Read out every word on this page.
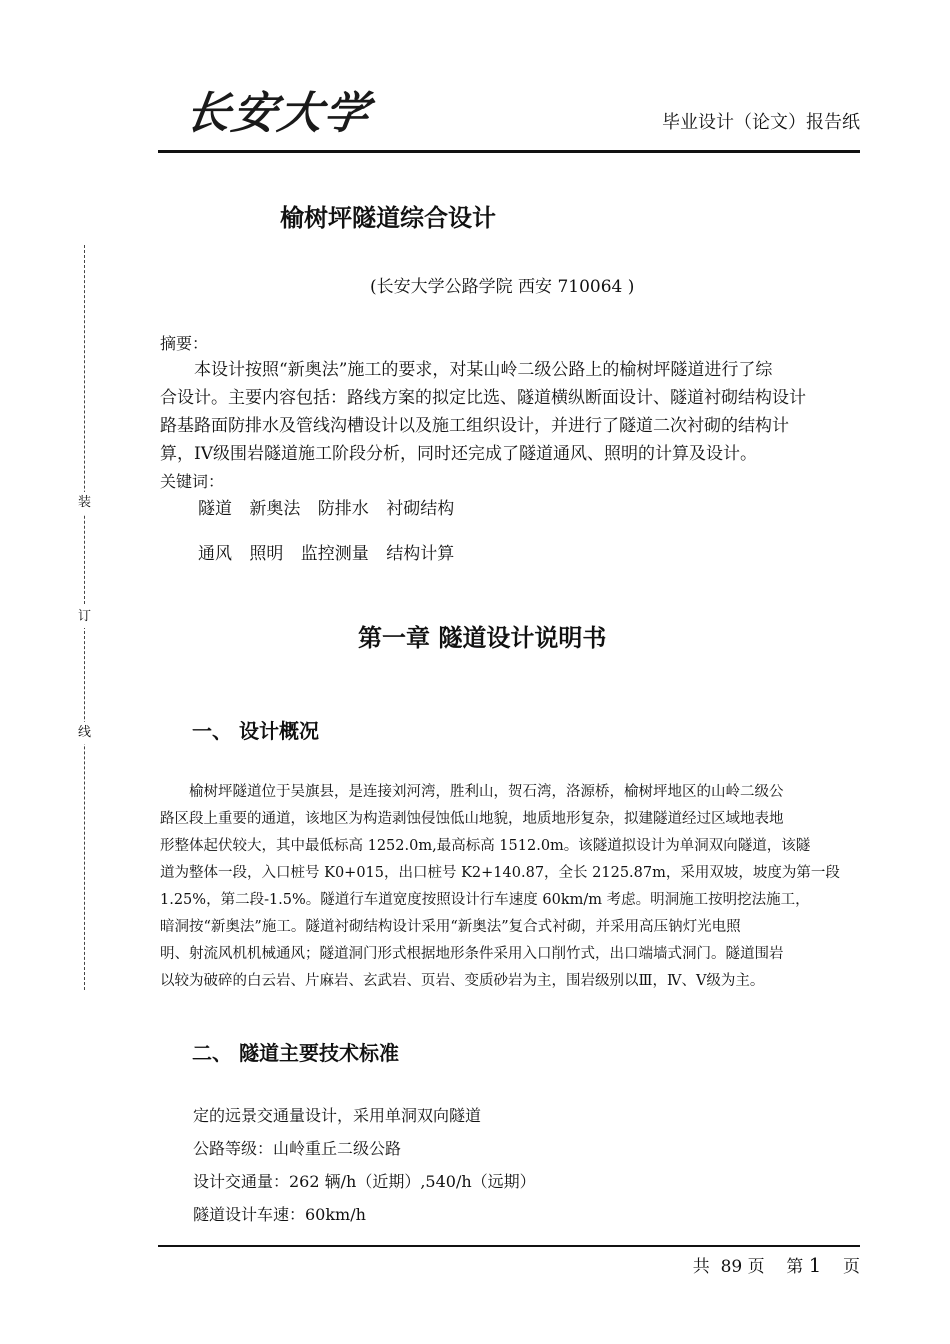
长安大学	毕业设计（论文）报告纸
装
订
线
榆树坪隧道综合设计
(长安大学公路学院 西安 710064 )
摘要：
　　本设计按照“新奥法”施工的要求，对某山岭二级公路上的榆树坪隧道进行了综
合设计。主要内容包括：路线方案的拟定比选、隧道横纵断面设计、隧道衬砌结构设计
路基路面防排水及管线沟槽设计以及施工组织设计，并进行了隧道二次衬砌的结构计
算，IV级围岩隧道施工阶段分析，同时还完成了隧道通风、照明的计算及设计。
关键词：
隧道 新奥法 防排水 衬砌结构
通风 照明 监控测量 结构计算
第一章 隧道设计说明书
一、 设计概况
　　榆树坪隧道位于吴旗县，是连接刘河湾，胜利山，贺石湾，洛源桥，榆树坪地区的山岭二级公
路区段上重要的通道，该地区为构造剥蚀侵蚀低山地貌，地质地形复杂，拟建隧道经过区域地表地
形整体起伏较大，其中最低标高 1252.0m,最高标高 1512.0m。该隧道拟设计为单洞双向隧道，该隧
道为整体一段，入口桩号 K0+015，出口桩号 K2+140.87，全长 2125.87m，采用双坡，坡度为第一段
1.25%，第二段-1.5%。隧道行车道宽度按照设计行车速度 60km/m 考虑。明洞施工按明挖法施工，
暗洞按“新奥法”施工。隧道衬砌结构设计采用“新奥法”复合式衬砌，并采用高压钠灯光电照
明、射流风机机械通风；隧道洞门形式根据地形条件采用入口削竹式，出口端墙式洞门。隧道围岩
以较为破碎的白云岩、片麻岩、玄武岩、页岩、变质砂岩为主，围岩级别以Ⅲ，Ⅳ、Ⅴ级为主。
二、 隧道主要技术标准
定的远景交通量设计，采用单洞双向隧道
公路等级：山岭重丘二级公路
设计交通量：262 辆/h（近期）,540/h（远期）
隧道设计车速：60km/h
共 89 页 第 1 页
